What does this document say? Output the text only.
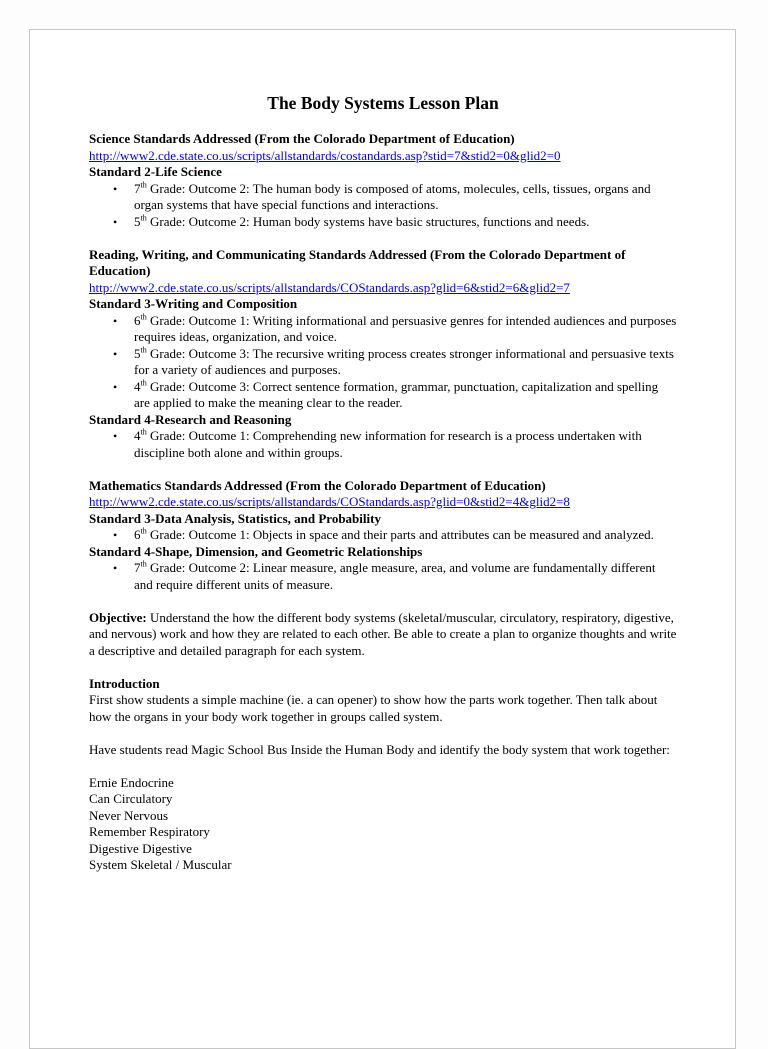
The Body Systems Lesson Plan
Science Standards Addressed (From the Colorado Department of Education)
http://www2.cde.state.co.us/scripts/allstandards/costandards.asp?stid=7&stid2=0&glid2=0
Standard 2-Life Science
• 7th Grade: Outcome 2: The human body is composed of atoms, molecules, cells, tissues, organs and organ systems that have special functions and interactions.
• 5th Grade: Outcome 2: Human body systems have basic structures, functions and needs.
Reading, Writing, and Communicating Standards Addressed (From the Colorado Department of Education)
http://www2.cde.state.co.us/scripts/allstandards/COStandards.asp?glid=6&stid2=6&glid2=7
Standard 3-Writing and Composition
• 6th Grade: Outcome 1: Writing informational and persuasive genres for intended audiences and purposes requires ideas, organization, and voice.
• 5th Grade: Outcome 3: The recursive writing process creates stronger informational and persuasive texts for a variety of audiences and purposes.
• 4th Grade: Outcome 3: Correct sentence formation, grammar, punctuation, capitalization and spelling are applied to make the meaning clear to the reader.
Standard 4-Research and Reasoning
• 4th Grade: Outcome 1: Comprehending new information for research is a process undertaken with discipline both alone and within groups.
Mathematics Standards Addressed (From the Colorado Department of Education)
http://www2.cde.state.co.us/scripts/allstandards/COStandards.asp?glid=0&stid2=4&glid2=8
Standard 3-Data Analysis, Statistics, and Probability
• 6th Grade: Outcome 1: Objects in space and their parts and attributes can be measured and analyzed.
Standard 4-Shape, Dimension, and Geometric Relationships
• 7th Grade: Outcome 2: Linear measure, angle measure, area, and volume are fundamentally different and require different units of measure.

Objective: Understand the how the different body systems (skeletal/muscular, circulatory, respiratory, digestive, and nervous) work and how they are related to each other. Be able to create a plan to organize thoughts and write a descriptive and detailed paragraph for each system.

Introduction

First show students a simple machine (ie. a can opener) to show how the parts work together. Then talk about how the organs in your body work together in groups called system.

Have students read Magic School Bus Inside the Human Body and identify the body system that work together:

Ernie Endocrine
Can Circulatory
Never Nervous
Remember Respiratory
Digestive Digestive
System Skeletal / Muscular
